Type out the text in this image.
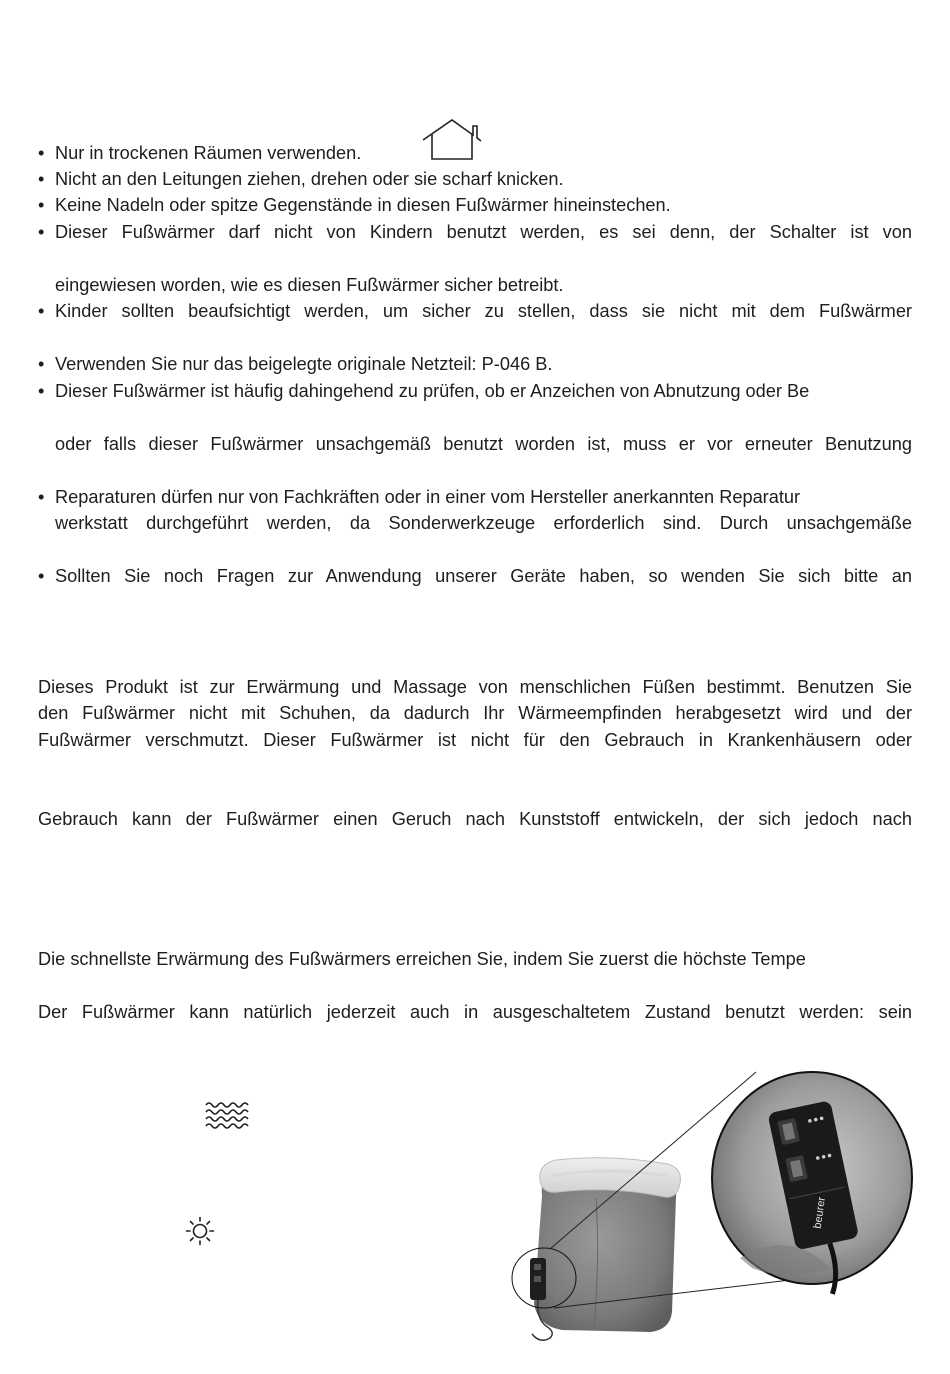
• Nur in trockenen Räumen verwenden.
• Nicht an den Leitungen ziehen, drehen oder sie scharf knicken.
• Keine Nadeln oder spitze Gegenstände in diesen Fußwärmer hineinstechen.
• Dieser Fußwärmer darf nicht von Kindern benutzt werden, es sei denn, der Schalter ist von
eingewiesen worden, wie es diesen Fußwärmer sicher betreibt.
• Kinder sollten beaufsichtigt werden, um sicher zu stellen, dass sie nicht mit dem Fußwärmer
• Verwenden Sie nur das beigelegte originale Netzteil: P-046 B.
• Dieser Fußwärmer ist häufig dahingehend zu prüfen, ob er Anzeichen von Abnutzung oder Be
oder falls dieser Fußwärmer unsachgemäß benutzt worden ist, muss er vor erneuter Benutzung
• Reparaturen dürfen nur von Fachkräften oder in einer vom Hersteller anerkannten Reparatur
werkstatt durchgeführt werden, da Sonderwerkzeuge erforderlich sind. Durch unsachgemäße
• Sollten Sie noch Fragen zur Anwendung unserer Geräte haben, so wenden Sie sich bitte an
Dieses Produkt ist zur Erwärmung und Massage von menschlichen Füßen bestimmt. Benutzen Sie
den Fußwärmer nicht mit Schuhen, da dadurch Ihr Wärmeempfinden herabgesetzt wird und der
Fußwärmer verschmutzt. Dieser Fußwärmer ist nicht für den Gebrauch in Krankenhäusern oder
Gebrauch kann der Fußwärmer einen Geruch nach Kunststoff entwickeln, der sich jedoch nach
Die schnellste Erwärmung des Fußwärmers erreichen Sie, indem Sie zuerst die höchste Tempe
Der Fußwärmer kann natürlich jederzeit auch in ausgeschaltetem Zustand benutzt werden: sein
beurer
